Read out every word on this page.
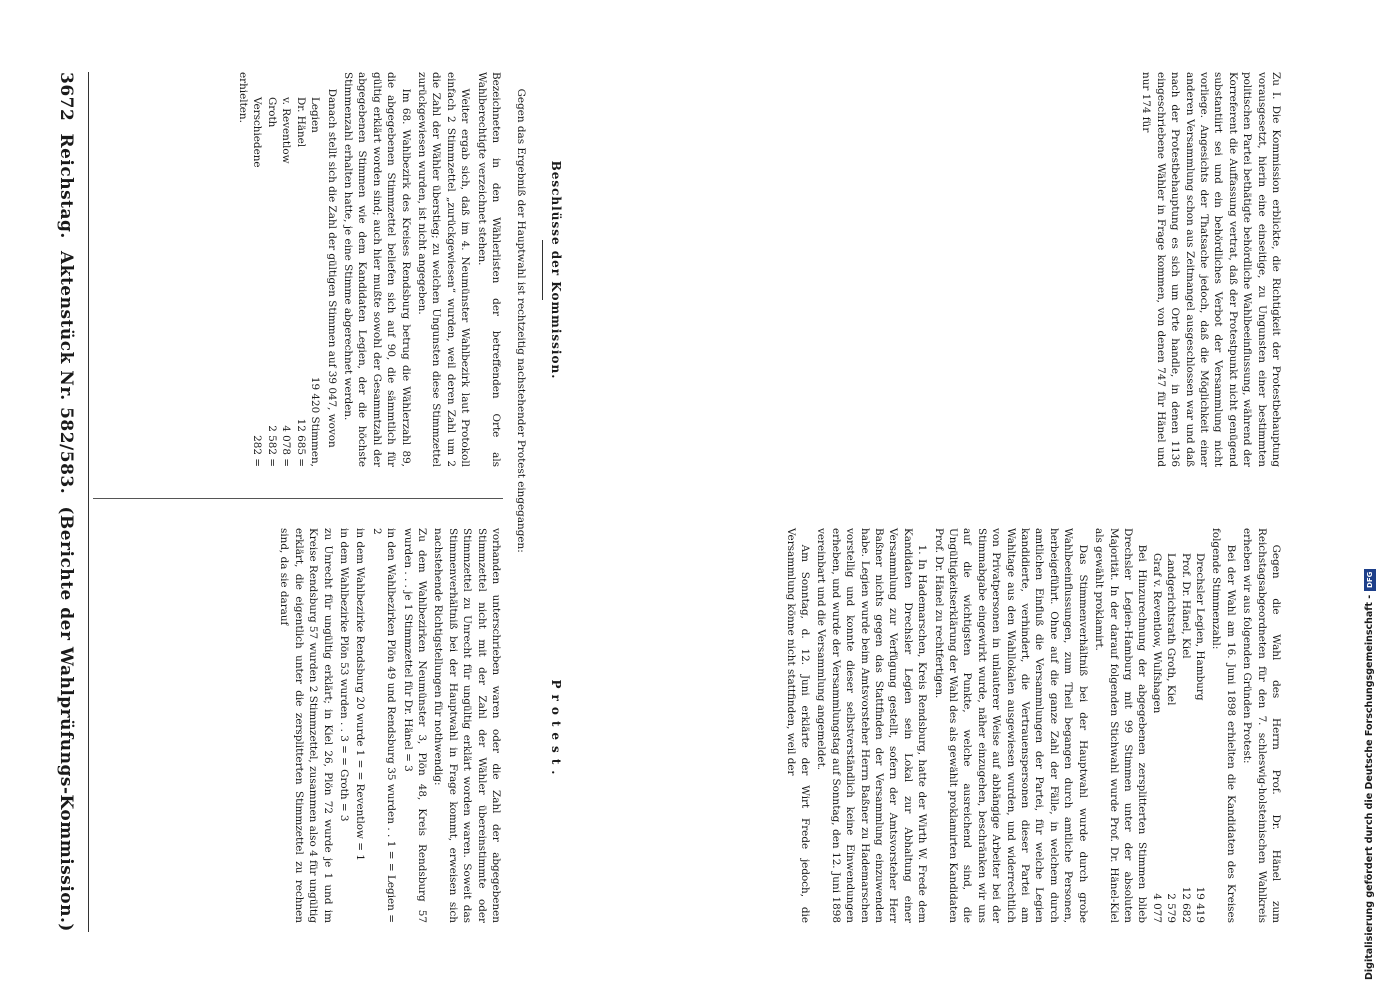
3672
Reichstag.
Aktenstück Nr. 582/583.
(Berichte der Wahlprüfungs-Kommission.)	vorhanden unterschrieben waren oder die Zahl der abgegebenen Stimmzettel nicht mit der Zahl der Wähler übereinstimmte oder Stimmzettel zu Unrecht für ungültig erklärt worden waren. Soweit das Stimmenverhältniß bei der Hauptwahl in Frage kommt, erweisen sich nachstehende Richtigstellungen für nothwendig:

Zu dem Wahlbezirken Neumünster 3, Plön 48, Kreis Rendsburg 57 wurden . . . je 1 Stimmzettel für Dr. Hänel = 3

in den Wahlbezirken Plön 49 und Rendsburg 35 wurden . . 1 = = Legien = 2

in dem Wahlbezirke Rendsburg 20 wurde 1 = = Reventlow = 1

in dem Wahlbezirke Plön 53 wurden . . 3 = = Groth = 3

zu Unrecht für ungültig erklärt; in Kiel 26, Plön 72 wurde je 1 und im Kreise Rendsburg 57 wurden 2 Stimmzettel, zusammen also 4 für ungültig erklärt, die eigentlich unter die zersplitterten Stimmzettel zu rechnen sind, da sie darauf

Bezeichneten in den Wählerlisten der betreffenden Orte als Wahlberechtigte verzeichnet stehen.

Weiter ergab sich, daß im 4. Neumünster Wahlbezirk laut Protokoll einfach 2 Stimmzettel „zurückgewiesen“ wurden, weil deren Zahl um 2 die Zahl der Wähler überstieg; zu welchen Ungunsten diese Stimmzettel zurückgewiesen wurden, ist nicht angegeben.

Im 68. Wahlbezirk des Kreises Rendsburg betrug die Wählerzahl 89, die abgegebenen Stimmzettel beliefen sich auf 90, die sämmtlich für gültig erklärt worden sind; auch hier mußte sowohl der Gesammtzahl der abgegebenen Stimmen wie dem Kandidaten Legien, der die höchste Stimmenzahl erhalten hatte, je eine Stimme abgerechnet werden.

Danach stellt sich die Zahl der gültigen Stimmen auf 39 047, wovon

Legien
19 420 Stimmen,
Dr. Hänel
12 685 =
v. Reventlow
4 078 =
Groth
2 582 =
Verschiedene
282 =

erhielten.	Gegen das Ergebniß der Hauptwahl ist rechtzeitig nachstehender Protest eingegangen:
Protest.
Beschlüsse der Kommission.

Gegen die Wahl des Herrn Prof. Dr. Hänel zum Reichstagsabgeordneten für den 7. schleswig-holsteinischen Wahlkreis erheben wir aus folgenden Gründen Protest:

Bei der Wahl am 16. Juni 1898 erhielten die Kandidaten des Kreises folgende Stimmenzahl:

Drechsler Legien, Hamburg
19 419
Prof. Dr. Hänel, Kiel
12 682
Landgerichtsrath Groth, Kiel
2 579
Graf v. Reventlow, Wulfshagen
4 077

Bei Hinzurechnung der abgegebenen zersplitterten Stimmen blieb Drechsler Legien-Hamburg mit 99 Stimmen unter der absoluten Majorität. In der darauf folgenden Stichwahl wurde Prof. Dr. Hänel-Kiel als gewählt proklamirt.

Das Stimmenverhältniß bei der Hauptwahl wurde durch grobe Wahlbeeinflussungen, zum Theil begangen durch amtliche Personen, herbeigeführt. Ohne auf die ganze Zahl der Fälle, in welchem durch amtlichen Einfluß die Versammlungen der Partei, für welche Legien kandidierte, verhindert, die Vertrauenspersonen dieser Partei am Wahltage aus den Wahllokalen ausgewiesen wurden, und widerrechtlich von Privatpersonen in unlauterer Weise auf abhängige Arbeiter bei der Stimmabgabe eingewirkt wurde, näher einzugehen, beschränken wir uns auf die wichtigsten Punkte, welche ausreichend sind, die Ungültigkeitserklärung der Wahl des als gewählt proklamirten Kandidaten Prof. Dr. Hänel zu rechtfertigen.

1. In Hademarschen, Kreis Rendsburg, hatte der Wirth W. Frede dem Kandidaten Drechsler Legien sein Lokal zur Abhaltung einer Versammlung zur Verfügung gestellt, sofern der Amtsvorsteher Herr Baßner nichts gegen das Stattfinden der Versammlung einzuwenden habe. Legien wurde beim Amtsvorsteher Herrn Baßner zu Hademarschen vorstellig und konnte dieser selbstverständlich keine Einwendungen erheben, und wurde der Versammlungstag auf Sonntag, den 12. Juni 1898 vereinbart und die Versammlung angemeldet.

Am Sonntag, d. 12. Juni erklärte der Wirt Frede jedoch, die Versammlung könne nicht stattfinden, weil der

Zu I. Die Kommission erblickte, die Richtigkeit der Protestbehauptung vorausgesetzt, hierin eine einseitige, zu Ungunsten einer bestimmten politischen Partei bethätigte behördliche Wahlbeeinflussung, während der Korreferent die Auffassung vertrat, daß der Protestpunkt nicht genügend substantiirt sei und ein behördliches Verbot der Versammlung nicht vorliege. Angesichts der Thatsache jedoch, daß die Möglichkeit einer anderen Versammlung schon aus Zeitmangel ausgeschlossen war und daß nach der Protestbehauptung es sich um Orte handle, in denen 1136 eingeschriebene Wähler in Frage kommen, von denen 747 für Hänel und nur 174 für

Digitalisierung gefördert durch die Deutsche Forschungsgemeinschaft -
DFG
